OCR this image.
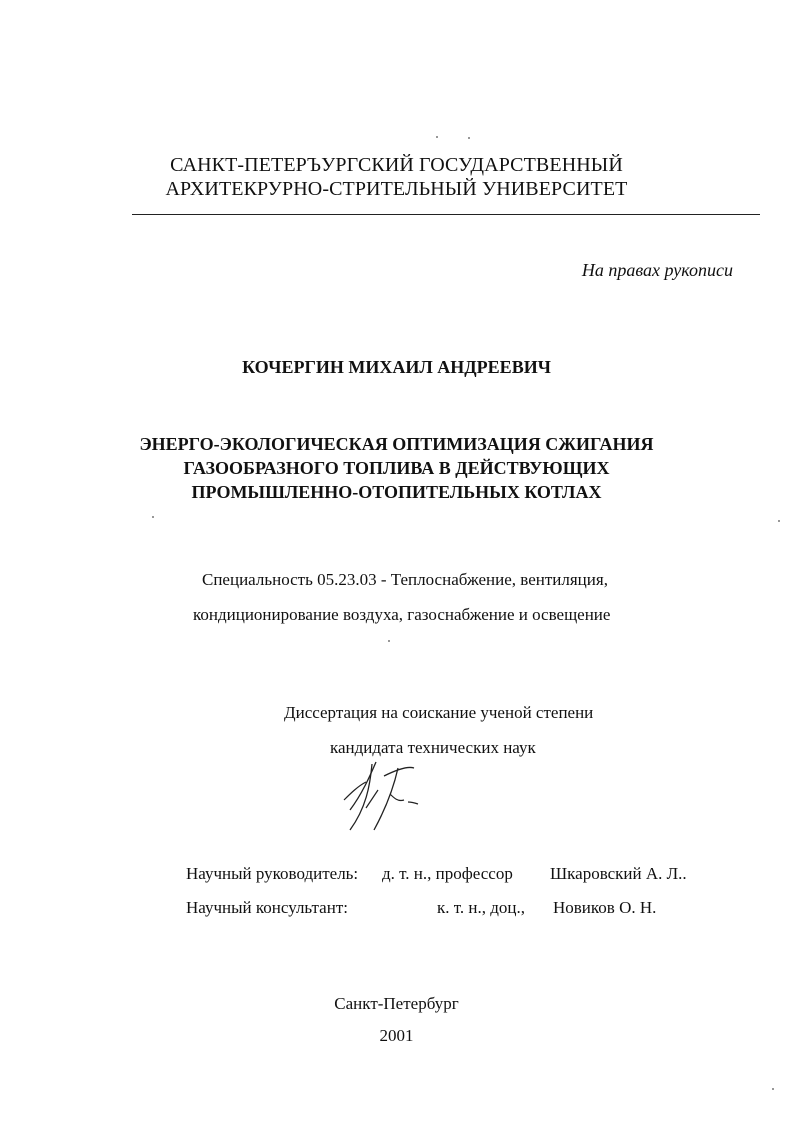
САНКТ-ПЕТЕРЪУРГСКИЙ ГОСУДАРСТВЕННЫЙ
АРХИТЕКРУРНО-СТРИТЕЛЬНЫЙ УНИВЕРСИТЕТ
На правах рукописи
КОЧЕРГИН МИХАИЛ АНДРЕЕВИЧ
ЭНЕРГО-ЭКОЛОГИЧЕСКАЯ ОПТИМИЗАЦИЯ СЖИГАНИЯ
ГАЗООБРАЗНОГО ТОПЛИВА В ДЕЙСТВУЮЩИХ
ПРОМЫШЛЕННО-ОТОПИТЕЛЬНЫХ КОТЛАХ
Специальность 05.23.03 - Теплоснабжение, вентиляция,
кондиционирование воздуха, газоснабжение и освещение
Диссертация на соискание ученой степени
кандидата технических наук
Научный руководитель: д. т. н., профессор Шкаровский А. Л..
Научный консультант:	к. т. н., доц., Новиков О. Н.
Санкт-Петербург
2001
